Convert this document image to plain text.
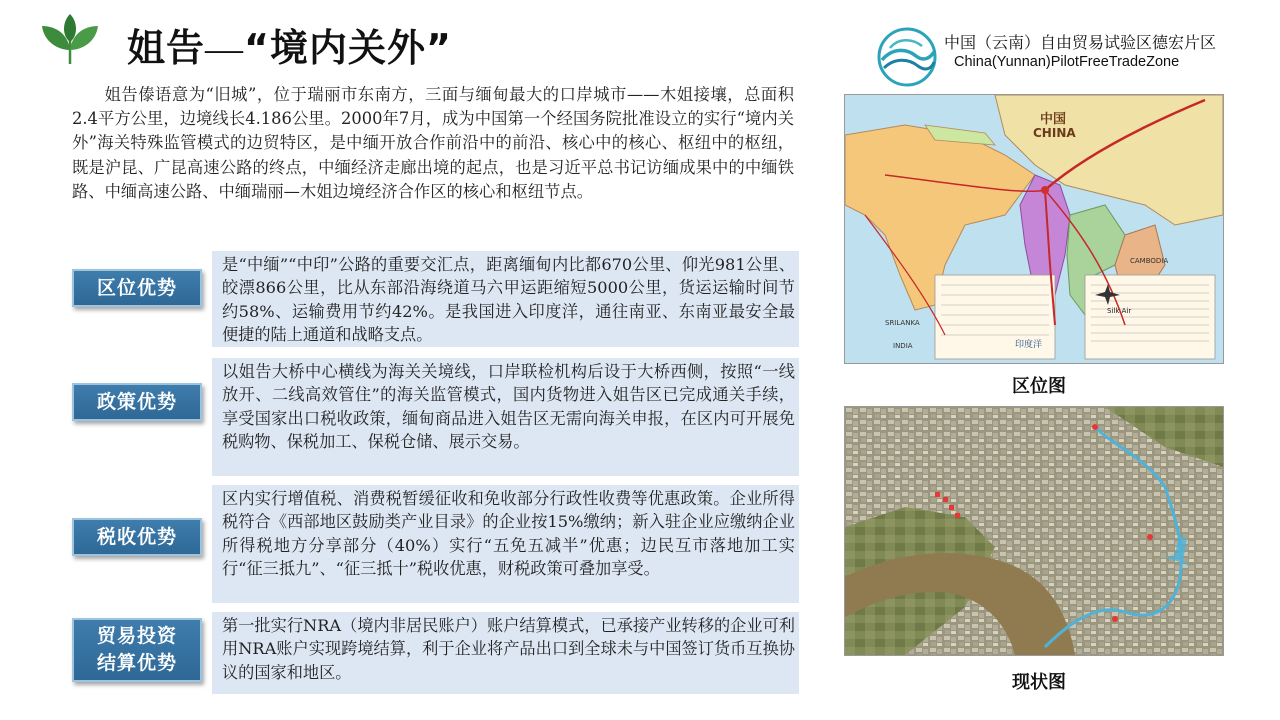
姐告—“境内关外”	中国（云南）自由贸易试验区德宏片区
China(Yunnan)PilotFreeTradeZone
姐告傣语意为“旧城”，位于瑞丽市东南方，三面与缅甸最大的口岸城市——木姐接壤，总面积2.4平方公里，边境线长4.186公里。2000年7月，成为中国第一个经国务院批准设立的实行“境内关外”海关特殊监管模式的边贸特区，是中缅开放合作前沿中的前沿、核心中的核心、枢纽中的枢纽，既是沪昆、广昆高速公路的终点，中缅经济走廊出境的起点，也是习近平总书记访缅成果中的中缅铁路、中缅高速公路、中缅瑞丽—木姐边境经济合作区的核心和枢纽节点。
区位优势
是“中缅”“中印”公路的重要交汇点，距离缅甸内比都670公里、仰光981公里、皎漂866公里，比从东部沿海绕道马六甲运距缩短5000公里，货运运输时间节约58%、运输费用节约42%。是我国进入印度洋，通往南亚、东南亚最安全最便捷的陆上通道和战略支点。
政策优势
以姐告大桥中心横线为海关关境线，口岸联检机构后设于大桥西侧，按照“一线放开、二线高效管住”的海关监管模式，国内货物进入姐告区已完成通关手续，享受国家出口税收政策，缅甸商品进入姐告区无需向海关申报，在区内可开展免税购物、保税加工、保税仓储、展示交易。
税收优势
区内实行增值税、消费税暂缓征收和免收部分行政性收费等优惠政策。企业所得税符合《西部地区鼓励类产业目录》的企业按15%缴纳；新入驻企业应缴纳企业所得税地方分享部分（40%）实行“五免五减半”优惠；边民互市落地加工实行“征三抵九”、“征三抵十”税收优惠，财税政策可叠加享受。
贸易投资
结算优势
第一批实行NRA（境内非居民账户）账户结算模式，已承接产业转移的企业可利用NRA账户实现跨境结算，利于企业将产品出口到全球未与中国签订货币互换协议的国家和地区。
中国
CHINA
CAMBODIA
SRILANKA
INDIA
Silk Air
印度洋
区位图
现状图
